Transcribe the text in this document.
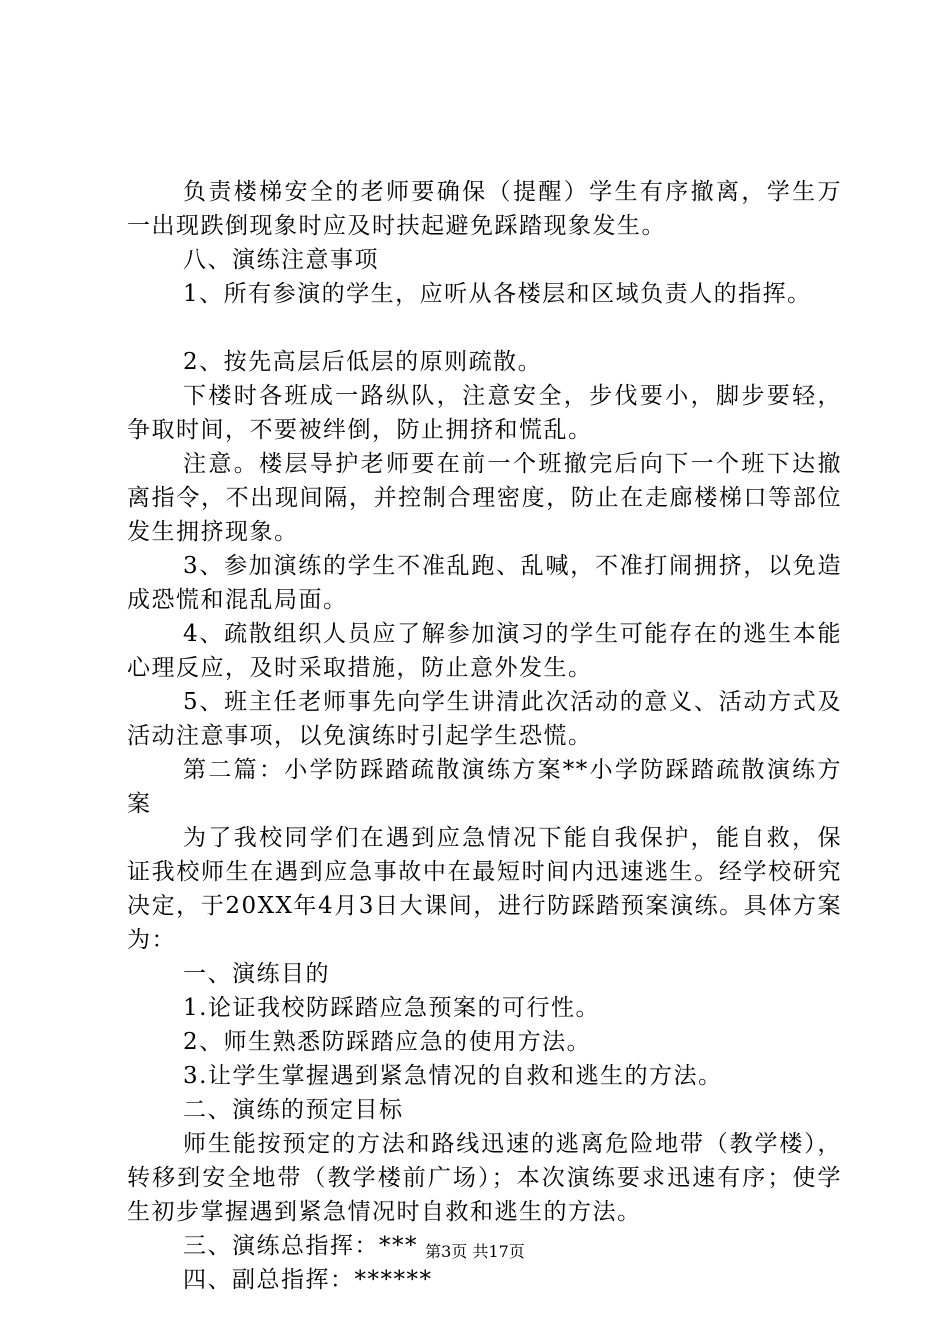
负责楼梯安全的老师要确保（提醒）学生有序撤离，学生万一出现跌倒现象时应及时扶起避免踩踏现象发生。

八、演练注意事项

1、所有参演的学生，应听从各楼层和区域负责人的指挥。

2、按先高层后低层的原则疏散。

下楼时各班成一路纵队，注意安全，步伐要小，脚步要轻，争取时间，不要被绊倒，防止拥挤和慌乱。

注意。楼层导护老师要在前一个班撤完后向下一个班下达撤离指令，不出现间隔，并控制合理密度，防止在走廊楼梯口等部位发生拥挤现象。

3、参加演练的学生不准乱跑、乱喊，不准打闹拥挤，以免造成恐慌和混乱局面。

4、疏散组织人员应了解参加演习的学生可能存在的逃生本能心理反应，及时采取措施，防止意外发生。

5、班主任老师事先向学生讲清此次活动的意义、活动方式及活动注意事项，以免演练时引起学生恐慌。

第二篇：小学防踩踏疏散演练方案**小学防踩踏疏散演练方案

为了我校同学们在遇到应急情况下能自我保护，能自救，保证我校师生在遇到应急事故中在最短时间内迅速逃生。经学校研究决定，于20XX年4月3日大课间，进行防踩踏预案演练。具体方案为：

一、演练目的

1.论证我校防踩踏应急预案的可行性。

2、师生熟悉防踩踏应急的使用方法。

3.让学生掌握遇到紧急情况的自救和逃生的方法。

二、演练的预定目标

师生能按预定的方法和路线迅速的逃离危险地带（教学楼），转移到安全地带（教学楼前广场）；本次演练要求迅速有序；使学生初步掌握遇到紧急情况时自救和逃生的方法。

三、演练总指挥：***

四、副总指挥：******

第3页 共17页
